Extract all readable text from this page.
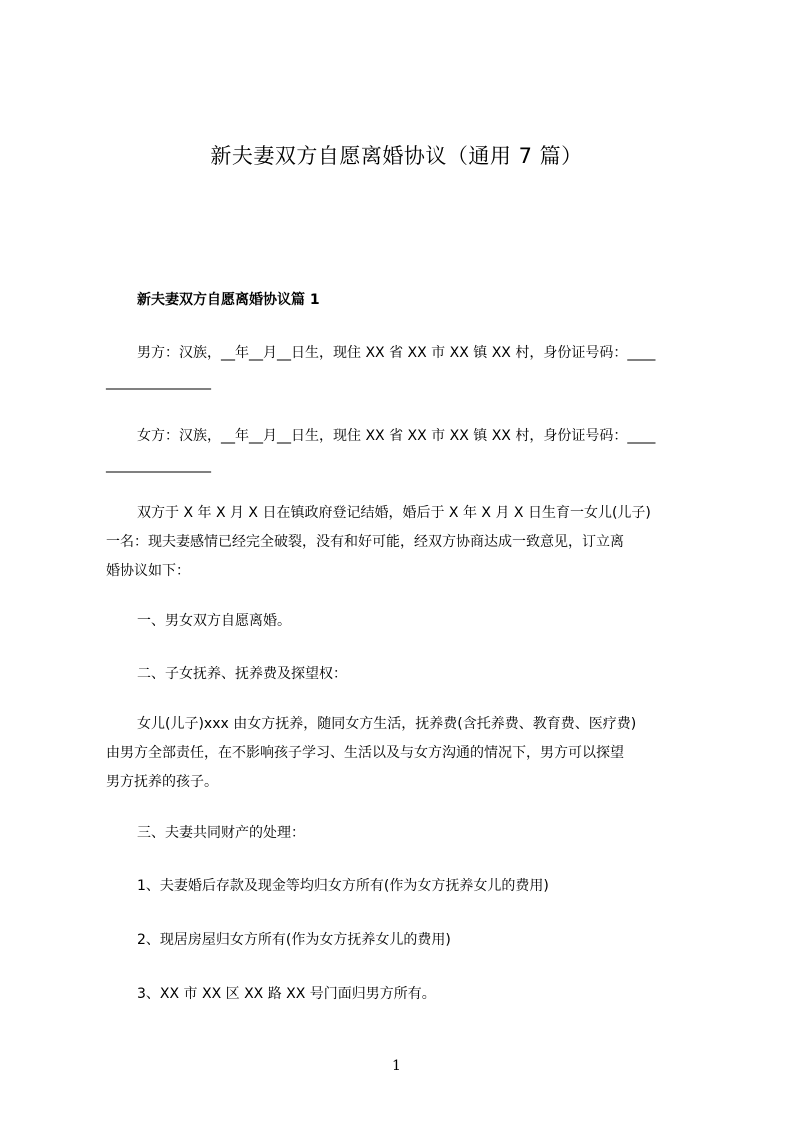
新夫妻双方自愿离婚协议（通用 7 篇）
新夫妻双方自愿离婚协议篇 1
男方：汉族，__年__月__日生，现住 XX 省 XX 市 XX 镇 XX 村，身份证号码：____
_______________
女方：汉族，__年__月__日生，现住 XX 省 XX 市 XX 镇 XX 村，身份证号码：____
_______________
双方于 X 年 X 月 X 日在镇政府登记结婚，婚后于 X 年 X 月 X 日生育一女儿(儿子)
一名：现夫妻感情已经完全破裂，没有和好可能，经双方协商达成一致意见，订立离
婚协议如下：
一、男女双方自愿离婚。
二、子女抚养、抚养费及探望权：
女儿(儿子)xxx 由女方抚养，随同女方生活，抚养费(含托养费、教育费、医疗费)
由男方全部责任，在不影响孩子学习、生活以及与女方沟通的情况下，男方可以探望
男方抚养的孩子。
三、夫妻共同财产的处理：
1、夫妻婚后存款及现金等均归女方所有(作为女方抚养女儿的费用)
2、现居房屋归女方所有(作为女方抚养女儿的费用)
3、XX 市 XX 区 XX 路 XX 号门面归男方所有。
1
